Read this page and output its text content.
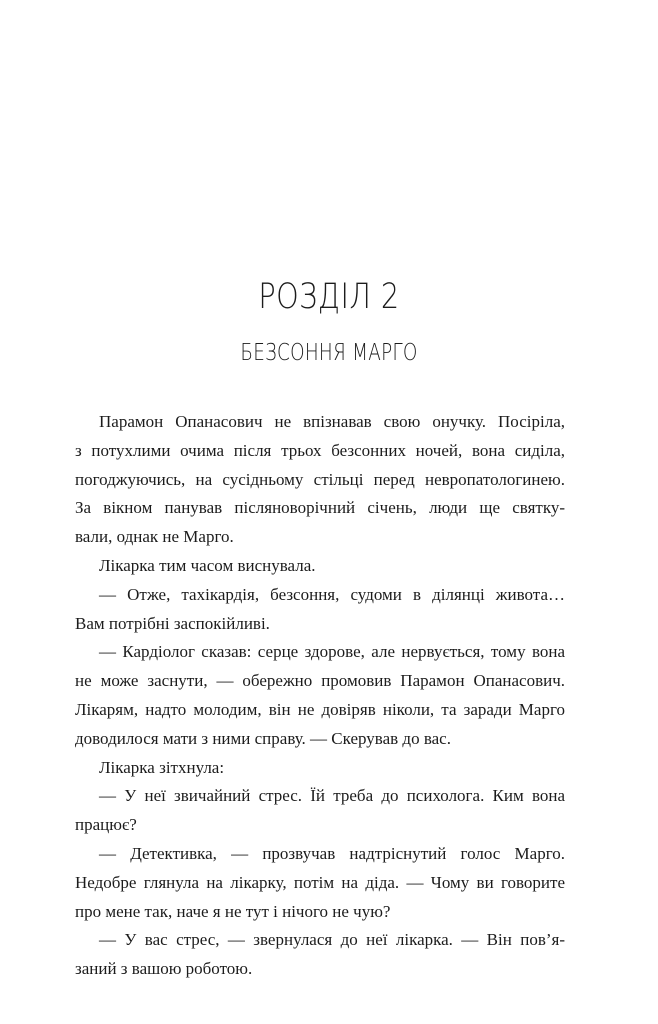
РОЗДІЛ 2
БЕЗСОННЯ МАРГО
Парамон Опанасович не впізнавав свою онучку. Посіріла,
з потухлими очима після трьох безсонних ночей, вона сиділа,
погоджуючись, на сусідньому стільці перед невропатологинею.
За вікном панував післяноворічний січень, люди ще святку-
вали, однак не Марго.
Лікарка тим часом виснувала.
— Отже, тахікардія, безсоння, судоми в ділянці живота…
Вам потрібні заспокійливі.
— Кардіолог сказав: серце здорове, але нервується, тому вона
не може заснути, — обережно промовив Парамон Опанасович.
Лікарям, надто молодим, він не довіряв ніколи, та заради Марго
доводилося мати з ними справу. — Скерував до вас.
Лікарка зітхнула:
— У неї звичайний стрес. Їй треба до психолога. Ким вона
працює?
— Детективка, — прозвучав надтріснутий голос Марго.
Недобре глянула на лікарку, потім на діда. — Чому ви говорите
про мене так, наче я не тут і нічого не чую?
— У вас стрес, — звернулася до неї лікарка. — Він пов’я-
заний з вашою роботою.
